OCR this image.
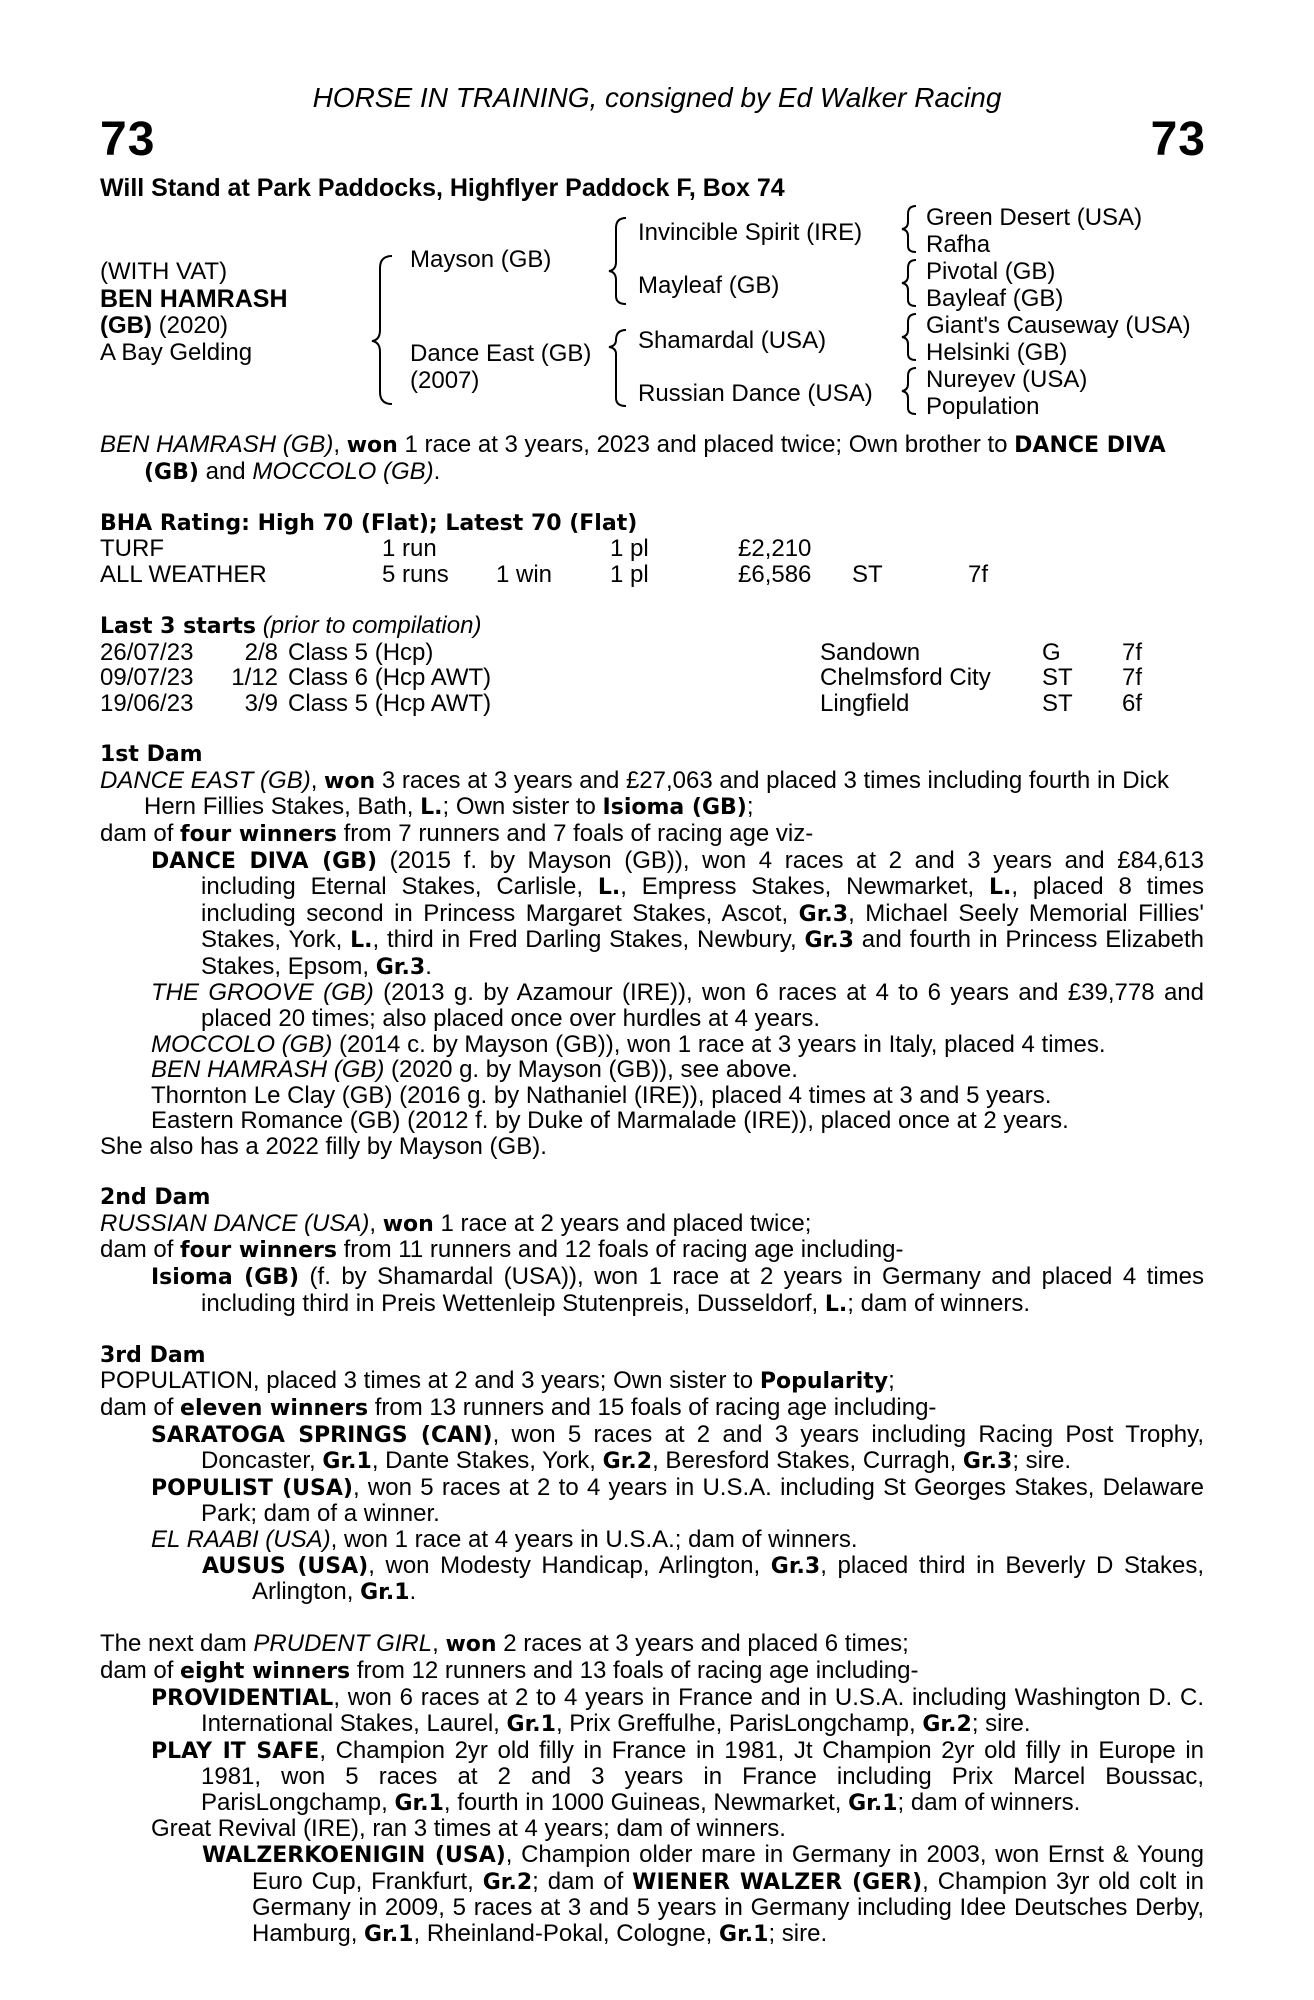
HORSE IN TRAINING, consigned by Ed Walker Racing
73	73
Will Stand at Park Paddocks, Highflyer Paddock F, Box 74
(WITH VAT)
BEN HAMRASH
(GB) (2020)
A Bay Gelding
Mayson (GB)
Dance East (GB)
(2007)
Invincible Spirit (IRE)
Mayleaf (GB)
Shamardal (USA)
Russian Dance (USA)
Green Desert (USA)
Rafha
Pivotal (GB)
Bayleaf (GB)
Giant's Causeway (USA)
Helsinki (GB)
Nureyev (USA)
Population

BEN HAMRASH (GB), won 1 race at 3 years, 2023 and placed twice; Own brother to DANCE DIVA (GB) and MOCCOLO (GB).

BHA Rating: High 70 (Flat); Latest 70 (Flat)

TURF	1 run		1 pl	£2,210		
ALL WEATHER	5 runs	1 win	1 pl	£6,586	ST	7f

Last 3 starts (prior to compilation)

26/07/23	2/8	Class 5 (Hcp)	Sandown	G	7f
09/07/23	1/12	Class 6 (Hcp AWT)	Chelmsford City	ST	7f
19/06/23	3/9	Class 5 (Hcp AWT)	Lingfield	ST	6f

1st Dam

DANCE EAST (GB), won 3 races at 3 years and £27,063 and placed 3 times including fourth in Dick Hern Fillies Stakes, Bath, L.; Own sister to Isioma (GB);

dam of four winners from 7 runners and 7 foals of racing age viz-

DANCE DIVA (GB) (2015 f. by Mayson (GB)), won 4 races at 2 and 3 years and £84,613 including Eternal Stakes, Carlisle, L., Empress Stakes, Newmarket, L., placed 8 times including second in Princess Margaret Stakes, Ascot, Gr.3, Michael Seely Memorial Fillies' Stakes, York, L., third in Fred Darling Stakes, Newbury, Gr.3 and fourth in Princess Elizabeth Stakes, Epsom, Gr.3.

THE GROOVE (GB) (2013 g. by Azamour (IRE)), won 6 races at 4 to 6 years and £39,778 and placed 20 times; also placed once over hurdles at 4 years.

MOCCOLO (GB) (2014 c. by Mayson (GB)), won 1 race at 3 years in Italy, placed 4 times.

BEN HAMRASH (GB) (2020 g. by Mayson (GB)), see above.

Thornton Le Clay (GB) (2016 g. by Nathaniel (IRE)), placed 4 times at 3 and 5 years.

Eastern Romance (GB) (2012 f. by Duke of Marmalade (IRE)), placed once at 2 years.

She also has a 2022 filly by Mayson (GB).

2nd Dam

RUSSIAN DANCE (USA), won 1 race at 2 years and placed twice;

dam of four winners from 11 runners and 12 foals of racing age including-

Isioma (GB) (f. by Shamardal (USA)), won 1 race at 2 years in Germany and placed 4 times including third in Preis Wettenleip Stutenpreis, Dusseldorf, L.; dam of winners.

3rd Dam

POPULATION, placed 3 times at 2 and 3 years; Own sister to Popularity;

dam of eleven winners from 13 runners and 15 foals of racing age including-

SARATOGA SPRINGS (CAN), won 5 races at 2 and 3 years including Racing Post Trophy, Doncaster, Gr.1, Dante Stakes, York, Gr.2, Beresford Stakes, Curragh, Gr.3; sire.

POPULIST (USA), won 5 races at 2 to 4 years in U.S.A. including St Georges Stakes, Delaware Park; dam of a winner.

EL RAABI (USA), won 1 race at 4 years in U.S.A.; dam of winners.

AUSUS (USA), won Modesty Handicap, Arlington, Gr.3, placed third in Beverly D Stakes, Arlington, Gr.1.

The next dam PRUDENT GIRL, won 2 races at 3 years and placed 6 times;

dam of eight winners from 12 runners and 13 foals of racing age including-

PROVIDENTIAL, won 6 races at 2 to 4 years in France and in U.S.A. including Washington D. C. International Stakes, Laurel, Gr.1, Prix Greffulhe, ParisLongchamp, Gr.2; sire.

PLAY IT SAFE, Champion 2yr old filly in France in 1981, Jt Champion 2yr old filly in Europe in 1981, won 5 races at 2 and 3 years in France including Prix Marcel Boussac, ParisLongchamp, Gr.1, fourth in 1000 Guineas, Newmarket, Gr.1; dam of winners.

Great Revival (IRE), ran 3 times at 4 years; dam of winners.

WALZERKOENIGIN (USA), Champion older mare in Germany in 2003, won Ernst & Young Euro Cup, Frankfurt, Gr.2; dam of WIENER WALZER (GER), Champion 3yr old colt in Germany in 2009, 5 races at 3 and 5 years in Germany including Idee Deutsches Derby, Hamburg, Gr.1, Rheinland-Pokal, Cologne, Gr.1; sire.
